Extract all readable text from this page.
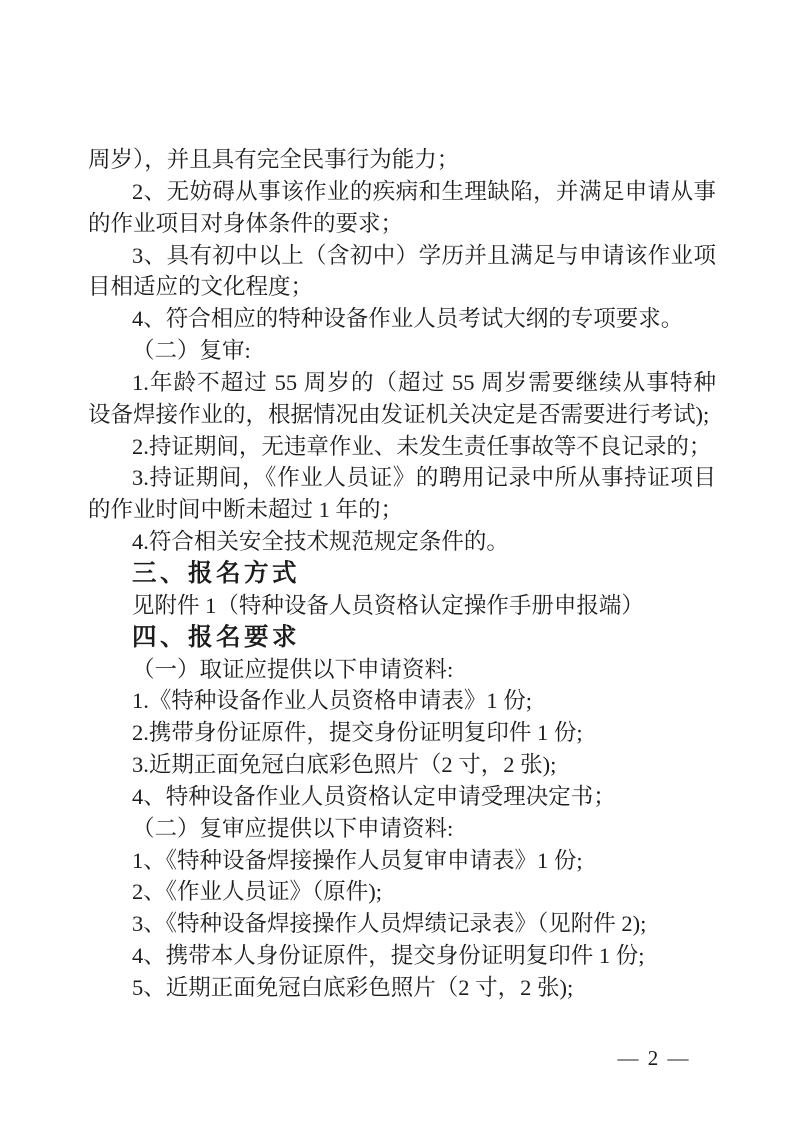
周岁），并且具有完全民事行为能力；

2、无妨碍从事该作业的疾病和生理缺陷，并满足申请从事

的作业项目对身体条件的要求；

3、具有初中以上（含初中）学历并且满足与申请该作业项

目相适应的文化程度；

4、符合相应的特种设备作业人员考试大纲的专项要求。

（二）复审:

1.年龄不超过 55 周岁的（超过 55 周岁需要继续从事特种

设备焊接作业的，根据情况由发证机关决定是否需要进行考试);

2.持证期间，无违章作业、未发生责任事故等不良记录的；

3.持证期间，《作业人员证》的聘用记录中所从事持证项目

的作业时间中断未超过 1 年的；

4.符合相关安全技术规范规定条件的。

三、报名方式

见附件 1（特种设备人员资格认定操作手册申报端）

四、报名要求

（一）取证应提供以下申请资料:

1.《特种设备作业人员资格申请表》1 份;

2.携带身份证原件，提交身份证明复印件 1 份;

3.近期正面免冠白底彩色照片（2 寸，2 张);

4、特种设备作业人员资格认定申请受理决定书；

（二）复审应提供以下申请资料:

1、《特种设备焊接操作人员复审申请表》1 份;

2、《作业人员证》（原件);

3、《特种设备焊接操作人员焊绩记录表》（见附件 2);

4、携带本人身份证原件，提交身份证明复印件 1 份;

5、近期正面免冠白底彩色照片（2 寸，2 张);

— 2 —
